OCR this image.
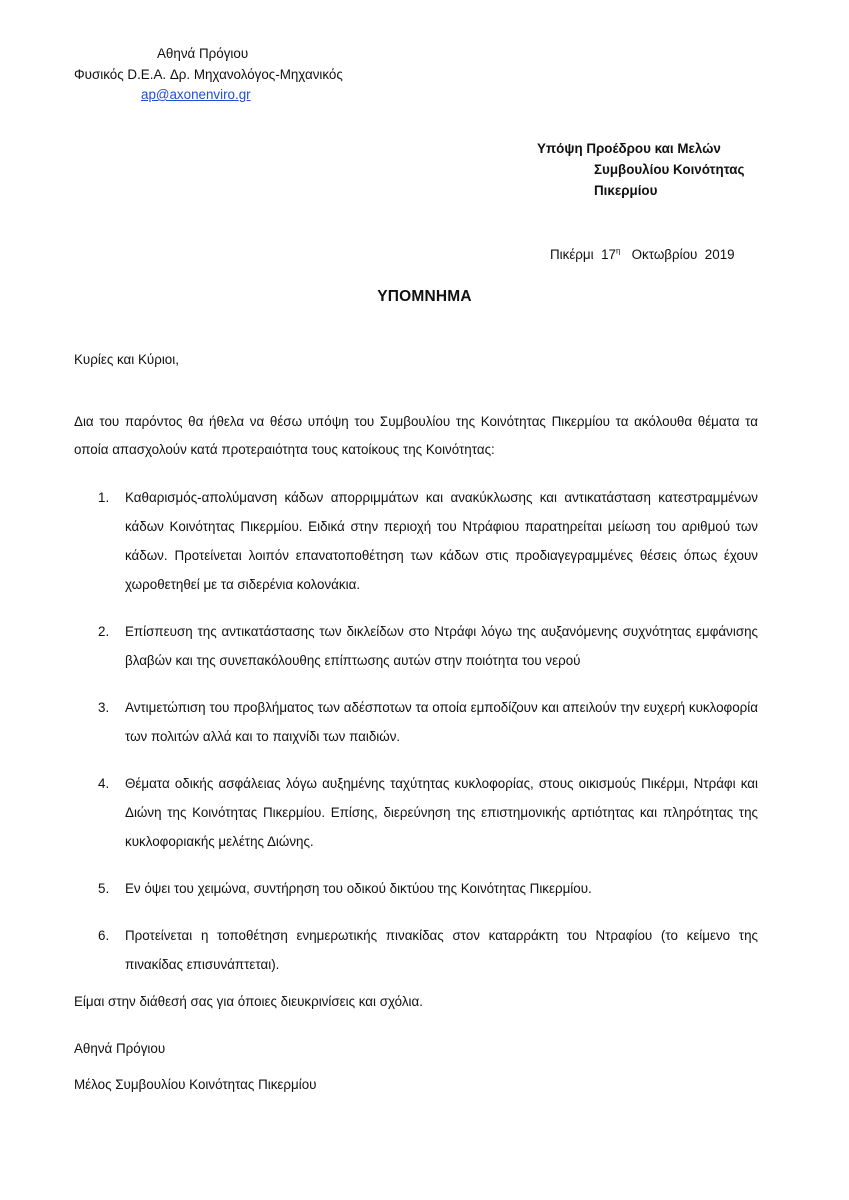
Αθηνά Πρόγιου
Φυσικός D.E.A. Δρ. Μηχανολόγος-Μηχανικός
ap@axonenviro.gr
Υπόψη Προέδρου και Μελών
Συμβουλίου Κοινότητας
Πικερμίου
Πικέρμι $17^\eta$ Οκτωβρίου 2019
ΥΠΟΜΝΗΜΑ
Κυρίες και Κύριοι,
Δια του παρόντος θα ήθελα να θέσω υπόψη του Συμβουλίου της Κοινότητας Πικερμίου τα ακόλουθα θέματα τα οποία απασχολούν κατά προτεραιότητα τους κατοίκους της Κοινότητας:
1. Καθαρισμός-απολύμανση κάδων απορριμμάτων και ανακύκλωσης και αντικατάσταση κατεστραμμένων κάδων Κοινότητας Πικερμίου. Ειδικά στην περιοχή του Ντράφιου παρατηρείται μείωση του αριθμού των κάδων. Προτείνεται λοιπόν επανατοποθέτηση των κάδων στις προδιαγεγραμμένες θέσεις όπως έχουν χωροθετηθεί με τα σιδερένια κολονάκια.
2. Επίσπευση της αντικατάστασης των δικλείδων στο Ντράφι λόγω της αυξανόμενης συχνότητας εμφάνισης βλαβών και της συνεπακόλουθης επίπτωσης αυτών στην ποιότητα του νερού
3. Αντιμετώπιση του προβλήματος των αδέσποτων τα οποία εμποδίζουν και απειλούν την ευχερή κυκλοφορία των πολιτών αλλά και το παιχνίδι των παιδιών.
4. Θέματα οδικής ασφάλειας λόγω αυξημένης ταχύτητας κυκλοφορίας, στους οικισμούς Πικέρμι, Ντράφι και Διώνη της Κοινότητας Πικερμίου. Επίσης, διερεύνηση της επιστημονικής αρτιότητας και πληρότητας της κυκλοφοριακής μελέτης Διώνης.
5. Εν όψει του χειμώνα, συντήρηση του οδικού δικτύου της Κοινότητας Πικερμίου.
6. Προτείνεται η τοποθέτηση ενημερωτικής πινακίδας στον καταρράκτη του Ντραφίου (το κείμενο της πινακίδας επισυνάπτεται).
Είμαι στην διάθεσή σας για όποιες διευκρινίσεις και σχόλια.
Αθηνά Πρόγιου
Μέλος Συμβουλίου Κοινότητας Πικερμίου
